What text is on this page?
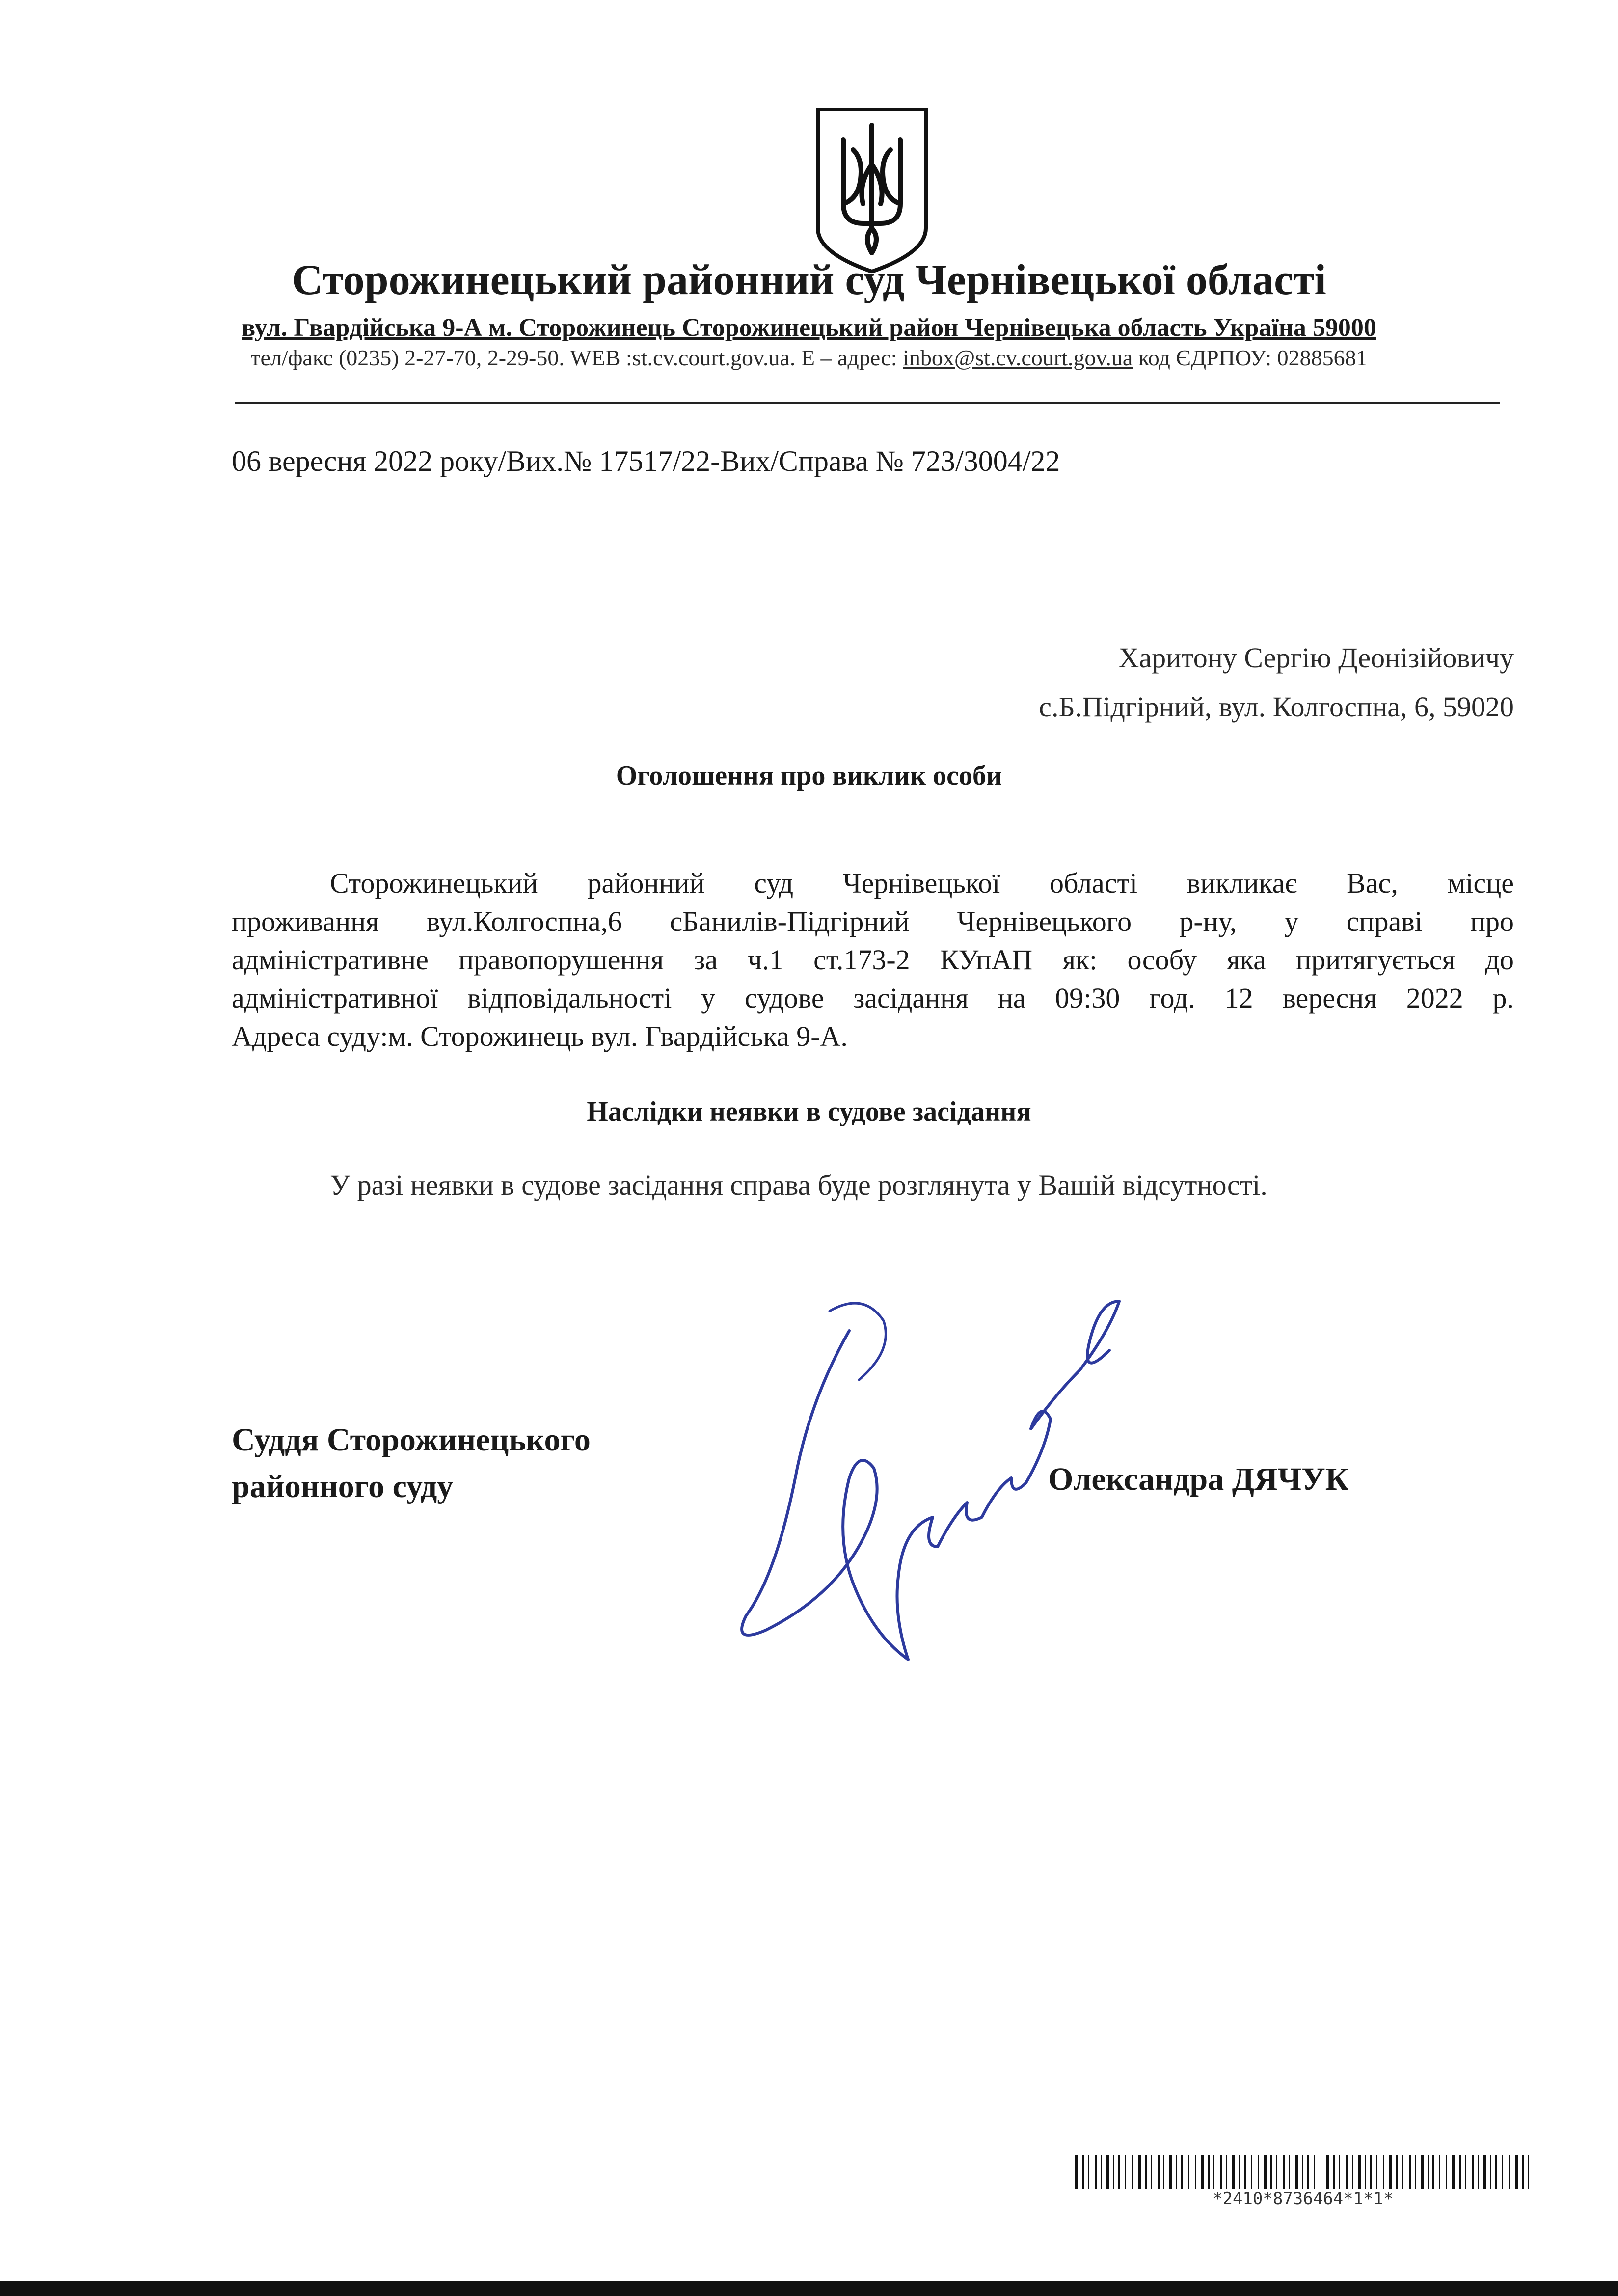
Сторожинецький районний суд Чернівецької області
вул. Гвардійська 9-А м. Сторожинець Сторожинецький район Чернівецька область Україна 59000
тел/факс (0235) 2-27-70, 2-29-50. WEB :st.cv.court.gov.ua. E – адрес: inbox@st.cv.court.gov.ua код ЄДРПОУ: 02885681
06 вересня 2022 року/Вих.№ 17517/22-Вих/Справа № 723/3004/22
Харитону Сергію Деонізійовичу
с.Б.Підгірний, вул. Колгоспна, 6, 59020
Оголошення про виклик особи
Сторожинецький районний суд Чернівецької області викликає Вас, місце
проживання вул.Колгоспна,6 сБанилів-Підгірний Чернівецького р-ну, у справі про
адміністративне правопорушення за ч.1 ст.173-2 КУпАП як: особу яка притягується до
адміністративної відповідальності у судове засідання на 09:30 год. 12 вересня 2022 р.
Адреса суду:м. Сторожинець вул. Гвардійська 9-А.
Наслідки неявки в судове засідання
У разі неявки в судове засідання справа буде розглянута у Вашій відсутності.
Суддя Сторожинецького
районного суду	Олександра ДЯЧУК
*2410*8736464*1*1*
